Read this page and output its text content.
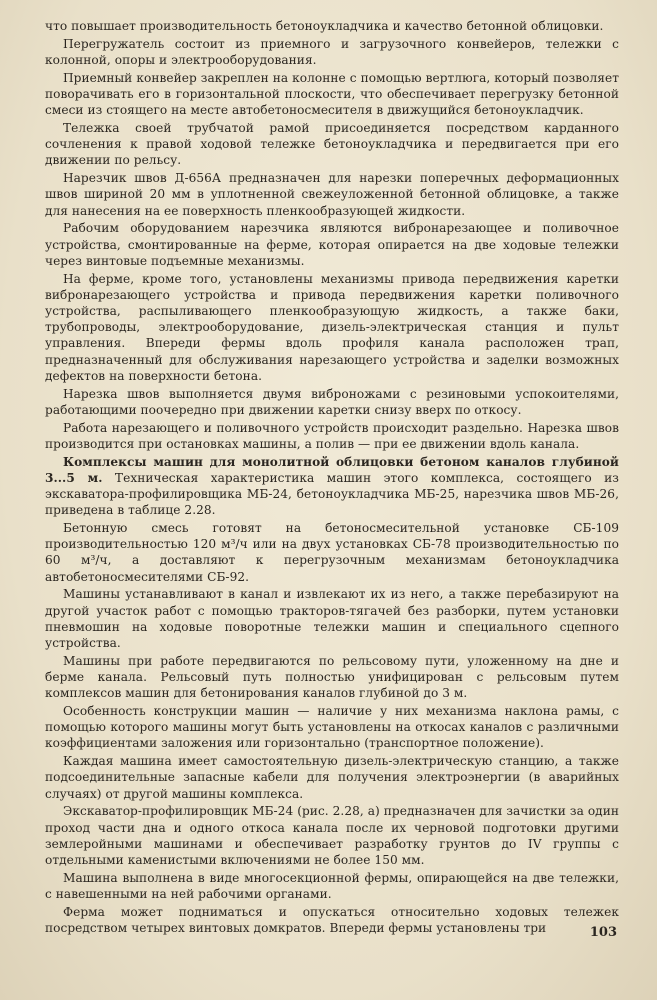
что повышает производительность бетоноукладчика и качество бетонной облицовки.

Перегружатель состоит из приемного и загрузочного конвейеров, тележки с колонной, опоры и электрооборудования.

Приемный конвейер закреплен на колонне с помощью вертлюга, который позволяет поворачивать его в горизонтальной плоскости, что обеспечивает перегрузку бетонной смеси из стоящего на месте автобетоносмесителя в движущийся бетоноукладчик.

Тележка своей трубчатой рамой присоединяется посредством карданного сочленения к правой ходовой тележке бетоноукладчика и передвигается при его движении по рельсу.

Нарезчик швов Д-656А предназначен для нарезки поперечных деформационных швов шириной 20 мм в уплотненной свежеуложенной бетонной облицовке, а также для нанесения на ее поверхность пленкообразующей жидкости.

Рабочим оборудованием нарезчика являются вибронарезающее и поливочное устройства, смонтированные на ферме, которая опирается на две ходовые тележки через винтовые подъемные механизмы.

На ферме, кроме того, установлены механизмы привода передвижения каретки вибронарезающего устройства и привода передвижения каретки поливочного устройства, распыливающего пленкообразующую жидкость, а также баки, трубопроводы, электрооборудование, дизель-электрическая станция и пульт управления. Впереди фермы вдоль профиля канала расположен трап, предназначенный для обслуживания нарезающего устройства и заделки возможных дефектов на поверхности бетона.

Нарезка швов выполняется двумя виброножами с резиновыми успокоителями, работающими поочередно при движении каретки снизу вверх по откосу.

Работа нарезающего и поливочного устройств происходит раздельно. Нарезка швов производится при остановках машины, а полив — при ее движении вдоль канала.

Комплексы машин для монолитной облицовки бетоном каналов глубиной 3...5 м. Техническая характеристика машин этого комплекса, состоящего из экскаватора-профилировщика МБ-24, бетоноукладчика МБ-25, нарезчика швов МБ-26, приведена в таблице 2.28.

Бетонную смесь готовят на бетоносмесительной установке СБ-109 производительностью 120 м³/ч или на двух установках СБ-78 производительностью по 60 м³/ч, а доставляют к перегрузочным механизмам бетоноукладчика автобетоносмесителями СБ-92.

Машины устанавливают в канал и извлекают их из него, а также перебазируют на другой участок работ с помощью тракторов-тягачей без разборки, путем установки пневмошин на ходовые поворотные тележки машин и специального сцепного устройства.

Машины при работе передвигаются по рельсовому пути, уложенному на дне и берме канала. Рельсовый путь полностью унифицирован с рельсовым путем комплексов машин для бетонирования каналов глубиной до 3 м.

Особенность конструкции машин — наличие у них механизма наклона рамы, с помощью которого машины могут быть установлены на откосах каналов с различными коэффициентами заложения или горизонтально (транспортное положение).

Каждая машина имеет самостоятельную дизель-электрическую станцию, а также подсоединительные запасные кабели для получения электроэнергии (в аварийных случаях) от другой машины комплекса.

Экскаватор-профилировщик МБ-24 (рис. 2.28, а) предназначен для зачистки за один проход части дна и одного откоса канала после их черновой подготовки другими землеройными машинами и обеспечивает разработку грунтов до IV группы с отдельными каменистыми включениями не более 150 мм.

Машина выполнена в виде многосекционной фермы, опирающейся на две тележки, с навешенными на ней рабочими органами.

Ферма может подниматься и опускаться относительно ходовых тележек посредством четырех винтовых домкратов. Впереди фермы установлены три	103
